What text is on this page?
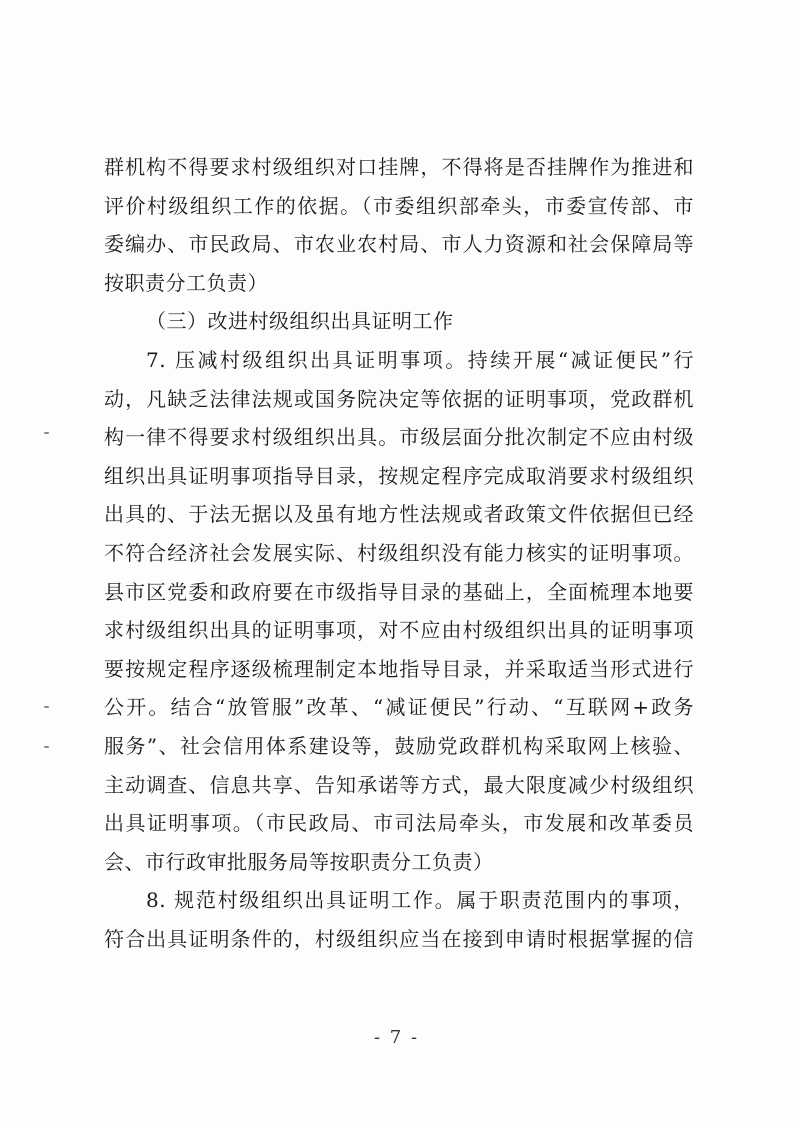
群机构不得要求村级组织对口挂牌，不得将是否挂牌作为推进和
评价村级组织工作的依据。（市委组织部牵头，市委宣传部、市
委编办、市民政局、市农业农村局、市人力资源和社会保障局等
按职责分工负责）
（三）改进村级组织出具证明工作
7. 压减村级组织出具证明事项。持续开展“减证便民”行
动，凡缺乏法律法规或国务院决定等依据的证明事项，党政群机
构一律不得要求村级组织出具。市级层面分批次制定不应由村级
组织出具证明事项指导目录，按规定程序完成取消要求村级组织
出具的、于法无据以及虽有地方性法规或者政策文件依据但已经
不符合经济社会发展实际、村级组织没有能力核实的证明事项。
县市区党委和政府要在市级指导目录的基础上，全面梳理本地要
求村级组织出具的证明事项，对不应由村级组织出具的证明事项
要按规定程序逐级梳理制定本地指导目录，并采取适当形式进行
公开。结合“放管服”改革、“减证便民”行动、“互联网+政务
服务”、社会信用体系建设等，鼓励党政群机构采取网上核验、
主动调查、信息共享、告知承诺等方式，最大限度减少村级组织
出具证明事项。（市民政局、市司法局牵头，市发展和改革委员
会、市行政审批服务局等按职责分工负责）
8. 规范村级组织出具证明工作。属于职责范围内的事项，
符合出具证明条件的，村级组织应当在接到申请时根据掌握的信
- 7 -
